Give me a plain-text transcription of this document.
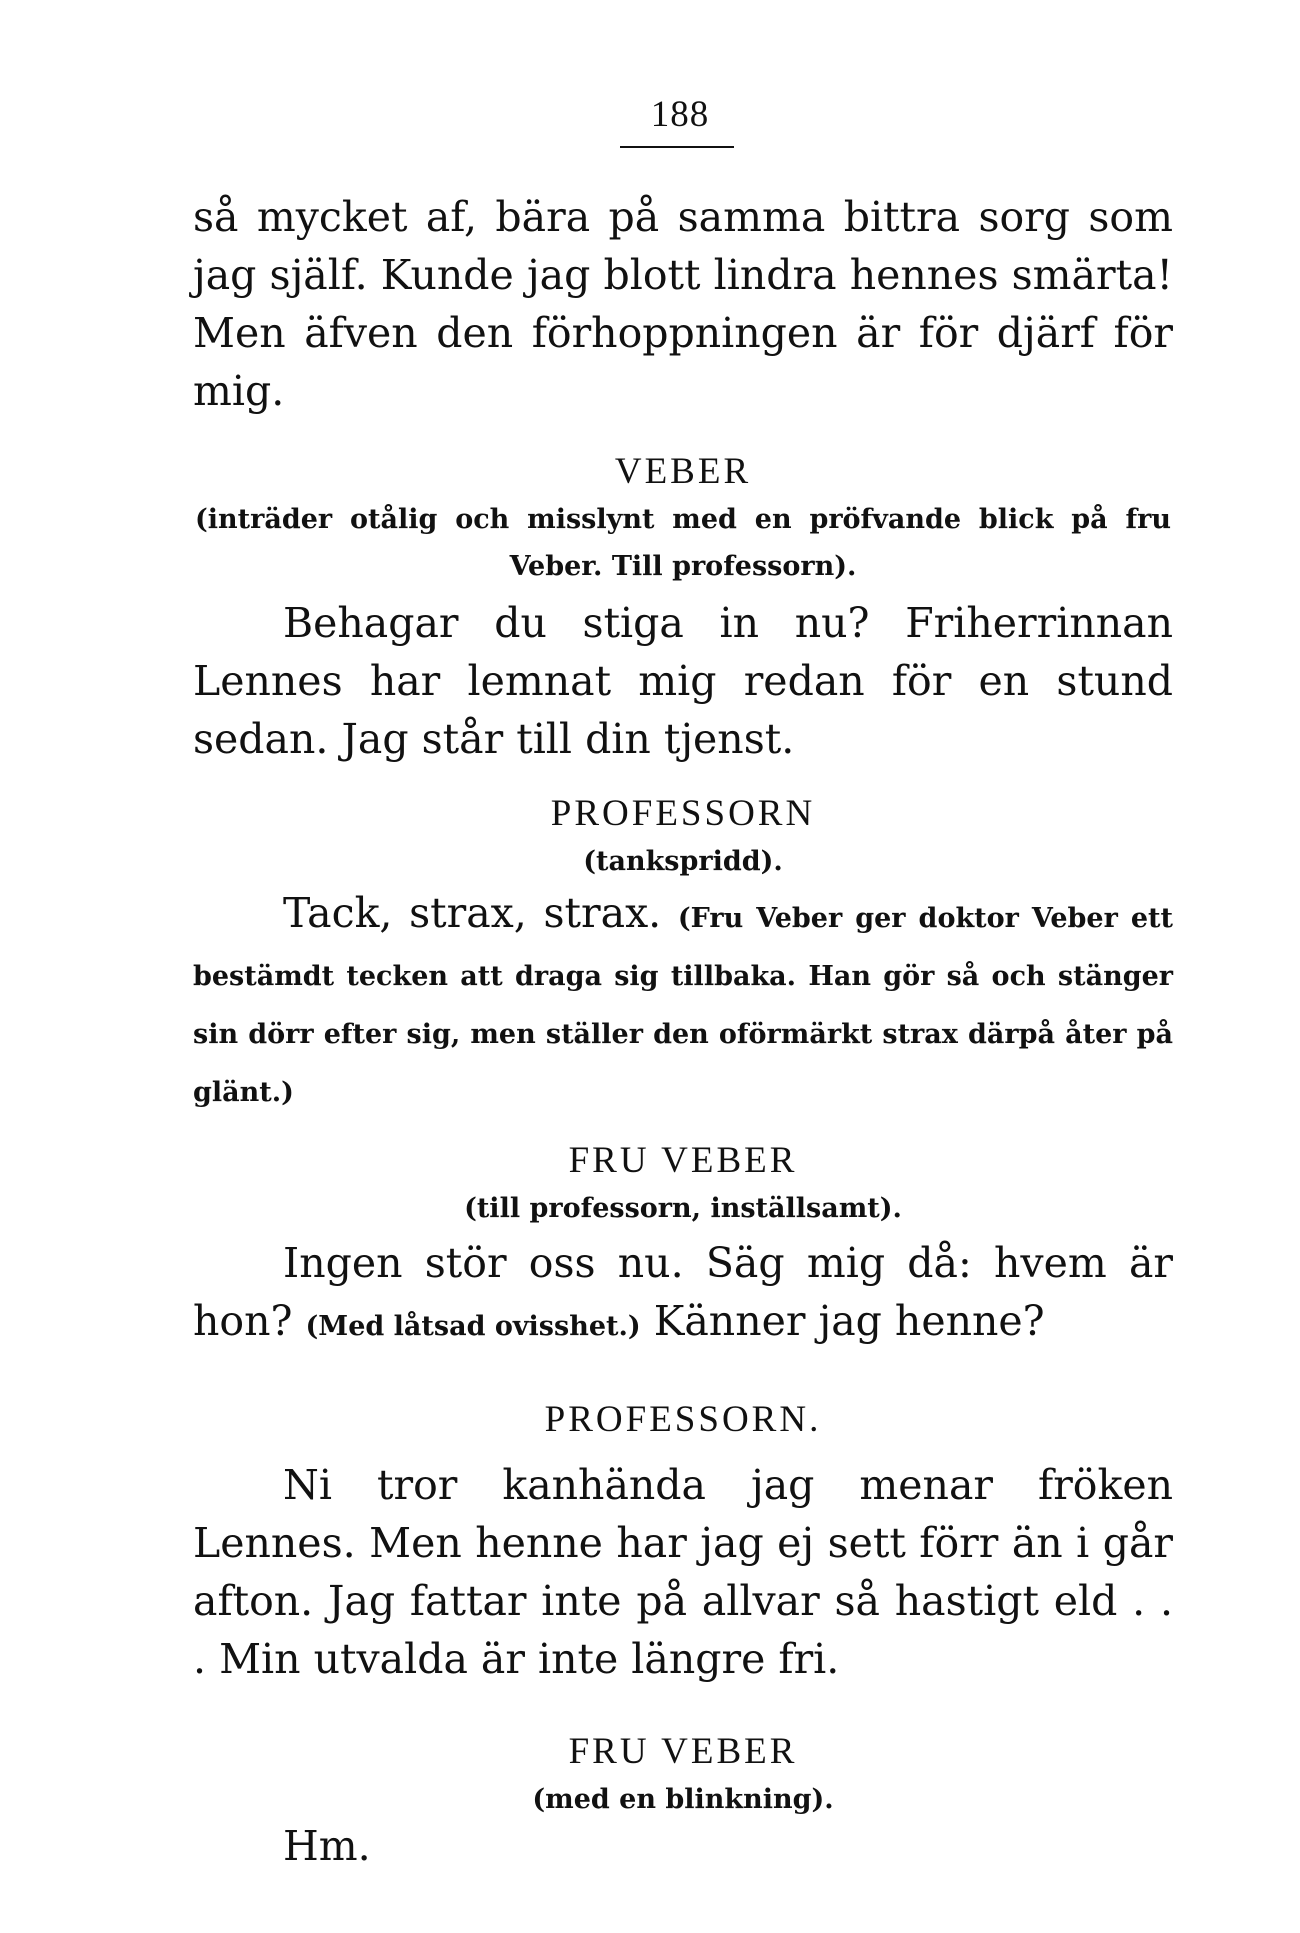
188

så mycket af, bära på samma bittra sorg som jag själf. Kunde jag blott lindra hennes smärta! Men äfven den förhoppningen är för djärf för mig.

VEBER

(inträder otålig och misslynt med en pröfvande blick på fru Veber. Till professorn).

Behagar du stiga in nu? Friherrinnan Lennes har lemnat mig redan för en stund sedan. Jag står till din tjenst.

PROFESSORN

(tankspridd).

Tack, strax, strax. (Fru Veber ger doktor Veber ett bestämdt tecken att draga sig tillbaka. Han gör så och stänger sin dörr efter sig, men ställer den oförmärkt strax därpå åter på glänt.)

FRU VEBER

(till professorn, inställsamt).

Ingen stör oss nu. Säg mig då: hvem är hon? (Med låtsad ovisshet.) Känner jag henne?

PROFESSORN.

Ni tror kanhända jag menar fröken Lennes. Men henne har jag ej sett förr än i går afton. Jag fattar inte på allvar så hastigt eld . . . Min utvalda är inte längre fri.

FRU VEBER

(med en blinkning).

Hm.
